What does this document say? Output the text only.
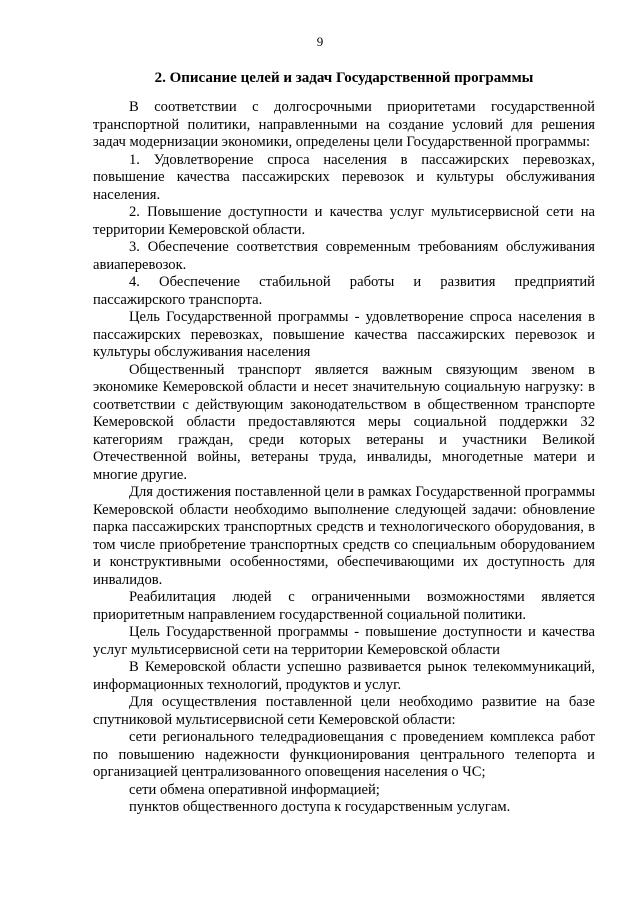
9
2. Описание целей и задач Государственной программы

В соответствии с долгосрочными приоритетами государственной транспортной политики, направленными на создание условий для решения задач модернизации экономики, определены цели Государственной программы:

1. Удовлетворение спроса населения в пассажирских перевозках, повышение качества пассажирских перевозок и культуры обслуживания населения.

2. Повышение доступности и качества услуг мультисервисной сети на территории Кемеровской области.

3. Обеспечение соответствия современным требованиям обслуживания авиаперевозок.

4. Обеспечение стабильной работы и развития предприятий пассажирского транспорта.

Цель Государственной программы - удовлетворение спроса населения в пассажирских перевозках, повышение качества пассажирских перевозок и культуры обслуживания населения

Общественный транспорт является важным связующим звеном в экономике Кемеровской области и несет значительную социальную нагрузку: в соответствии с действующим законодательством в общественном транспорте Кемеровской области предоставляются меры социальной поддержки 32 категориям граждан, среди которых ветераны и участники Великой Отечественной войны, ветераны труда, инвалиды, многодетные матери и многие другие.

Для достижения поставленной цели в рамках Государственной программы Кемеровской области необходимо выполнение следующей задачи: обновление парка пассажирских транспортных средств и технологического оборудования, в том числе приобретение транспортных средств со специальным оборудованием и конструктивными особенностями, обеспечивающими их доступность для инвалидов.

Реабилитация людей с ограниченными возможностями является приоритетным направлением государственной социальной политики.

Цель Государственной программы - повышение доступности и качества услуг мультисервисной сети на территории Кемеровской области

В Кемеровской области успешно развивается рынок телекоммуникаций, информационных технологий, продуктов и услуг.

Для осуществления поставленной цели необходимо развитие на базе спутниковой мультисервисной сети Кемеровской области:

сети регионального теледрадиовещания с проведением комплекса работ по повышению надежности функционирования центрального телепорта и организацией централизованного оповещения населения о ЧС;

сети обмена оперативной информацией;

пунктов общественного доступа к государственным услугам.
